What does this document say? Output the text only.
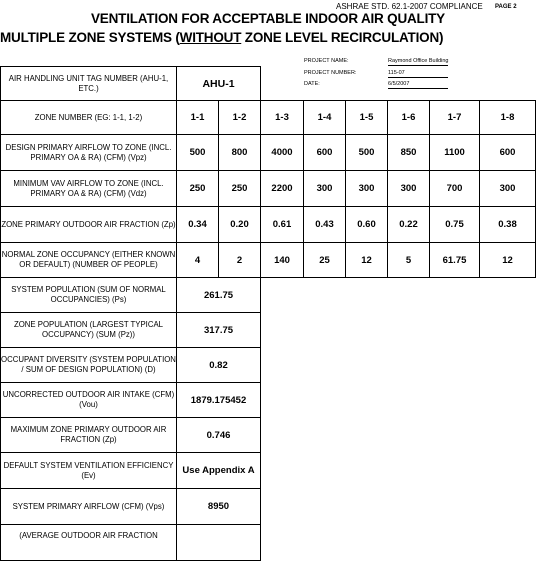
ASHRAE STD. 62.1-2007 COMPLIANCE PAGE 2
VENTILATION FOR ACCEPTABLE INDOOR AIR QUALITY
MULTIPLE ZONE SYSTEMS (WITHOUT ZONE LEVEL RECIRCULATION)
PROJECT NAME:	Raymond Office Building
PROJECT NUMBER:	115-07
DATE:	6/5/2007
AIR HANDLING UNIT TAG NUMBER (AHU-1, ETC.)	AHU-1							
ZONE NUMBER (EG: 1-1, 1-2)	1-1	1-2	1-3	1-4	1-5	1-6	1-7	1-8
DESIGN PRIMARY AIRFLOW TO ZONE (INCL. PRIMARY OA & RA) (CFM) (Vpz)	500	800	4000	600	500	850	1100	600
MINIMUM VAV AIRFLOW TO ZONE (INCL. PRIMARY OA & RA) (CFM) (Vdz)	250	250	2200	300	300	300	700	300
ZONE PRIMARY OUTDOOR AIR FRACTION (Zp)	0.34	0.20	0.61	0.43	0.60	0.22	0.75	0.38
NORMAL ZONE OCCUPANCY (EITHER KNOWN OR DEFAULT) (NUMBER OF PEOPLE)	4	2	140	25	12	5	61.75	12
SYSTEM POPULATION (SUM OF NORMAL OCCUPANCIES) (Ps)	261.75							
ZONE POPULATION (LARGEST TYPICAL OCCUPANCY) (SUM (Pz))	317.75							
OCCUPANT DIVERSITY (SYSTEM POPULATION / SUM OF DESIGN POPULATION) (D)	0.82							
UNCORRECTED OUTDOOR AIR INTAKE (CFM) (Vou)	1879.175452							
MAXIMUM ZONE PRIMARY OUTDOOR AIR FRACTION (Zp)	0.746							
DEFAULT SYSTEM VENTILATION EFFICIENCY (Ev)	Use Appendix A							
SYSTEM PRIMARY AIRFLOW (CFM) (Vps)	8950							
(AVERAGE OUTDOOR AIR FRACTION								
